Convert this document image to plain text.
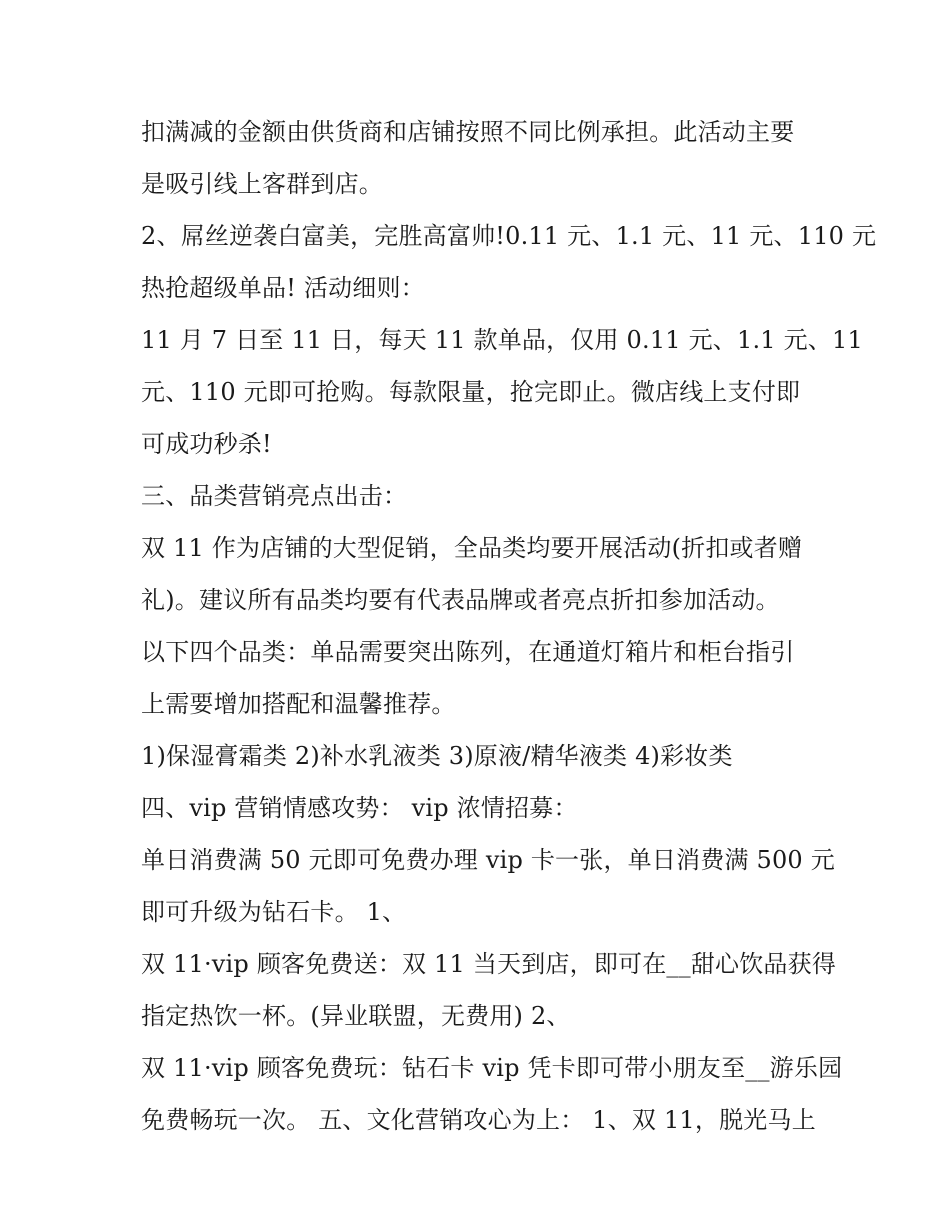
扣满减的金额由供货商和店铺按照不同比例承担。此活动主要
是吸引线上客群到店。
2、屌丝逆袭白富美，完胜高富帅!0.11 元、1.1 元、11 元、110 元
热抢超级单品! 活动细则：
11 月 7 日至 11 日，每天 11 款单品，仅用 0.11 元、1.1 元、11
元、110 元即可抢购。每款限量，抢完即止。微店线上支付即
可成功秒杀!
三、品类营销亮点出击：
双 11 作为店铺的大型促销，全品类均要开展活动(折扣或者赠
礼)。建议所有品类均要有代表品牌或者亮点折扣参加活动。
以下四个品类：单品需要突出陈列，在通道灯箱片和柜台指引
上需要增加搭配和温馨推荐。
1)保湿膏霜类 2)补水乳液类 3)原液/精华液类 4)彩妆类
四、vip 营销情感攻势： vip 浓情招募：
单日消费满 50 元即可免费办理 vip 卡一张，单日消费满 500 元
即可升级为钻石卡。 1、
双 11·vip 顾客免费送：双 11 当天到店，即可在__甜心饮品获得
指定热饮一杯。(异业联盟，无费用) 2、
双 11·vip 顾客免费玩：钻石卡 vip 凭卡即可带小朋友至__游乐园
免费畅玩一次。 五、文化营销攻心为上： 1、双 11，脱光马上
